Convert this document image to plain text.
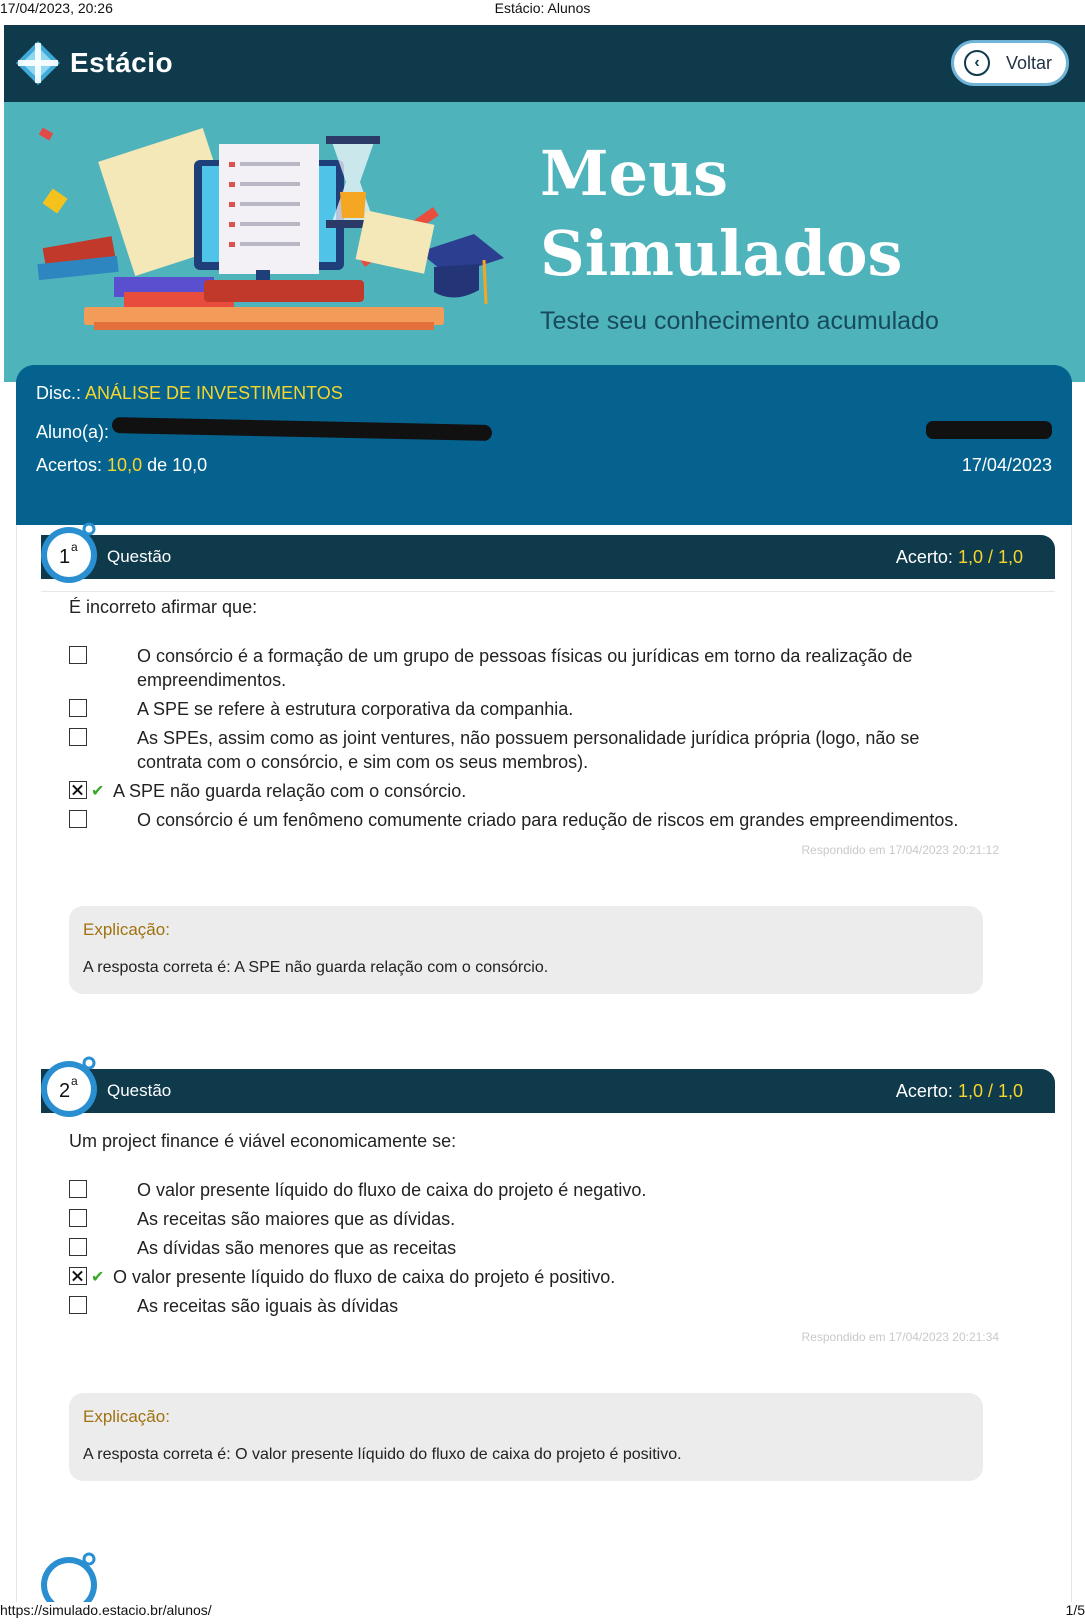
17/04/2023, 20:26	Estácio: Alunos
Estácio	‹	Voltar
Meus
Simulados
Teste seu conhecimento acumulado
Disc.: ANÁLISE DE INVESTIMENTOS
Aluno(a):
Acertos: 10,0 de 10,0	17/04/2023
1 a Questão	Acerto: 1,0 / 1,0
É incorreto afirmar que:
O consórcio é a formação de um grupo de pessoas físicas ou jurídicas em torno da realização de empreendimentos.
A SPE se refere à estrutura corporativa da companhia.
As SPEs, assim como as joint ventures, não possuem personalidade jurídica própria (logo, não se contrata com o consórcio, e sim com os seus membros).
✔ A SPE não guarda relação com o consórcio.
O consórcio é um fenômeno comumente criado para redução de riscos em grandes empreendimentos.
Respondido em 17/04/2023 20:21:12
Explicação:
A resposta correta é: A SPE não guarda relação com o consórcio.
2 a Questão	Acerto: 1,0 / 1,0
Um project finance é viável economicamente se:
O valor presente líquido do fluxo de caixa do projeto é negativo.
As receitas são maiores que as dívidas.
As dívidas são menores que as receitas
✔ O valor presente líquido do fluxo de caixa do projeto é positivo.
As receitas são iguais às dívidas
Respondido em 17/04/2023 20:21:34
Explicação:
A resposta correta é: O valor presente líquido do fluxo de caixa do projeto é positivo.
https://simulado.estacio.br/alunos/	1/5
